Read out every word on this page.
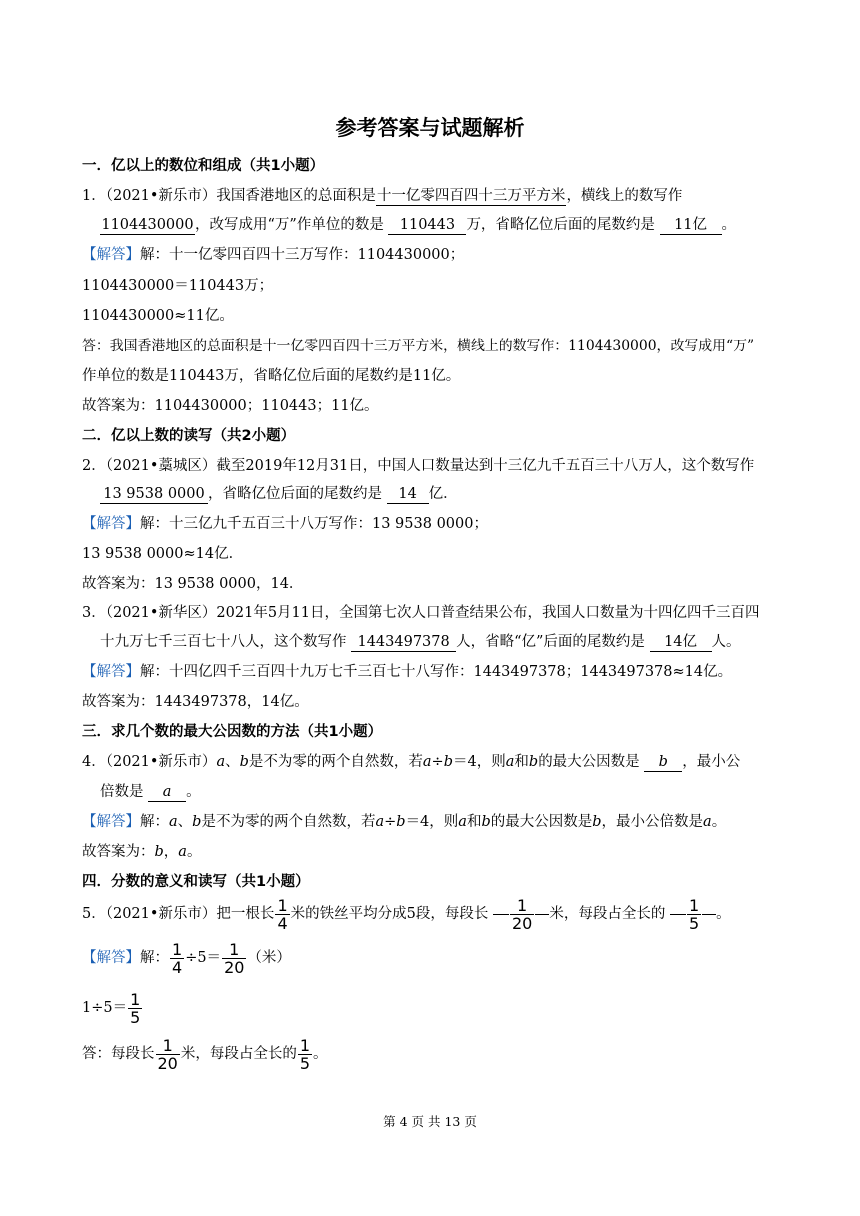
参考答案与试题解析
一．亿以上的数位和组成（共1小题）
1．（2021•新乐市）我国香港地区的总面积是十一亿零四百四十三万平方米，横线上的数写作
1104430000，改写成用“万”作单位的数是 110443 万，省略亿位后面的尾数约是 11亿 。
【解答】解：十一亿零四百四十三万写作：1104430000；
1104430000＝110443万；
1104430000≈11亿。
答：我国香港地区的总面积是十一亿零四百四十三万平方米，横线上的数写作：1104430000，改写成用“万”
作单位的数是110443万，省略亿位后面的尾数约是11亿。
故答案为：1104430000；110443；11亿。
二．亿以上数的读写（共2小题）
2．（2021•藁城区）截至2019年12月31日，中国人口数量达到十三亿九千五百三十八万人，这个数写作
13 9538 0000 ，省略亿位后面的尾数约是 14 亿．
【解答】解：十三亿九千五百三十八万写作：13 9538 0000；
13 9538 0000≈14亿．
故答案为：13 9538 0000，14．
3．（2021•新华区）2021年5月11日，全国第七次人口普查结果公布，我国人口数量为十四亿四千三百四
十九万七千三百七十八人，这个数写作 1443497378 人，省略“亿”后面的尾数约是 14亿 人。
【解答】解：十四亿四千三百四十九万七千三百七十八写作：1443497378；1443497378≈14亿。
故答案为：1443497378，14亿。
三．求几个数的最大公因数的方法（共1小题）
4．（2021•新乐市）a、b是不为零的两个自然数，若a÷b＝4，则a和b的最大公因数是 b ，最小公
倍数是 a 。
【解答】解：a、b是不为零的两个自然数，若a÷b＝4，则a和b的最大公因数是b，最小公倍数是a。
故答案为：b，a。
四．分数的意义和读写（共1小题）
5．（2021•新乐市）把一根长 $\frac{1}{4}$ 米的铁丝平均分成5段，每段长 $\frac{1}{20}$ 米，每段占全长的 $\frac{1}{5}$ 。
【解答】解： $\frac{1}{4} \div 5= \frac{1}{20}$ （米）
$1\div 5= \frac{1}{5}$
答：每段长 $\frac{1}{20}$ 米，每段占全长的 $\frac{1}{5}$ 。
第 4 页 共 13 页
